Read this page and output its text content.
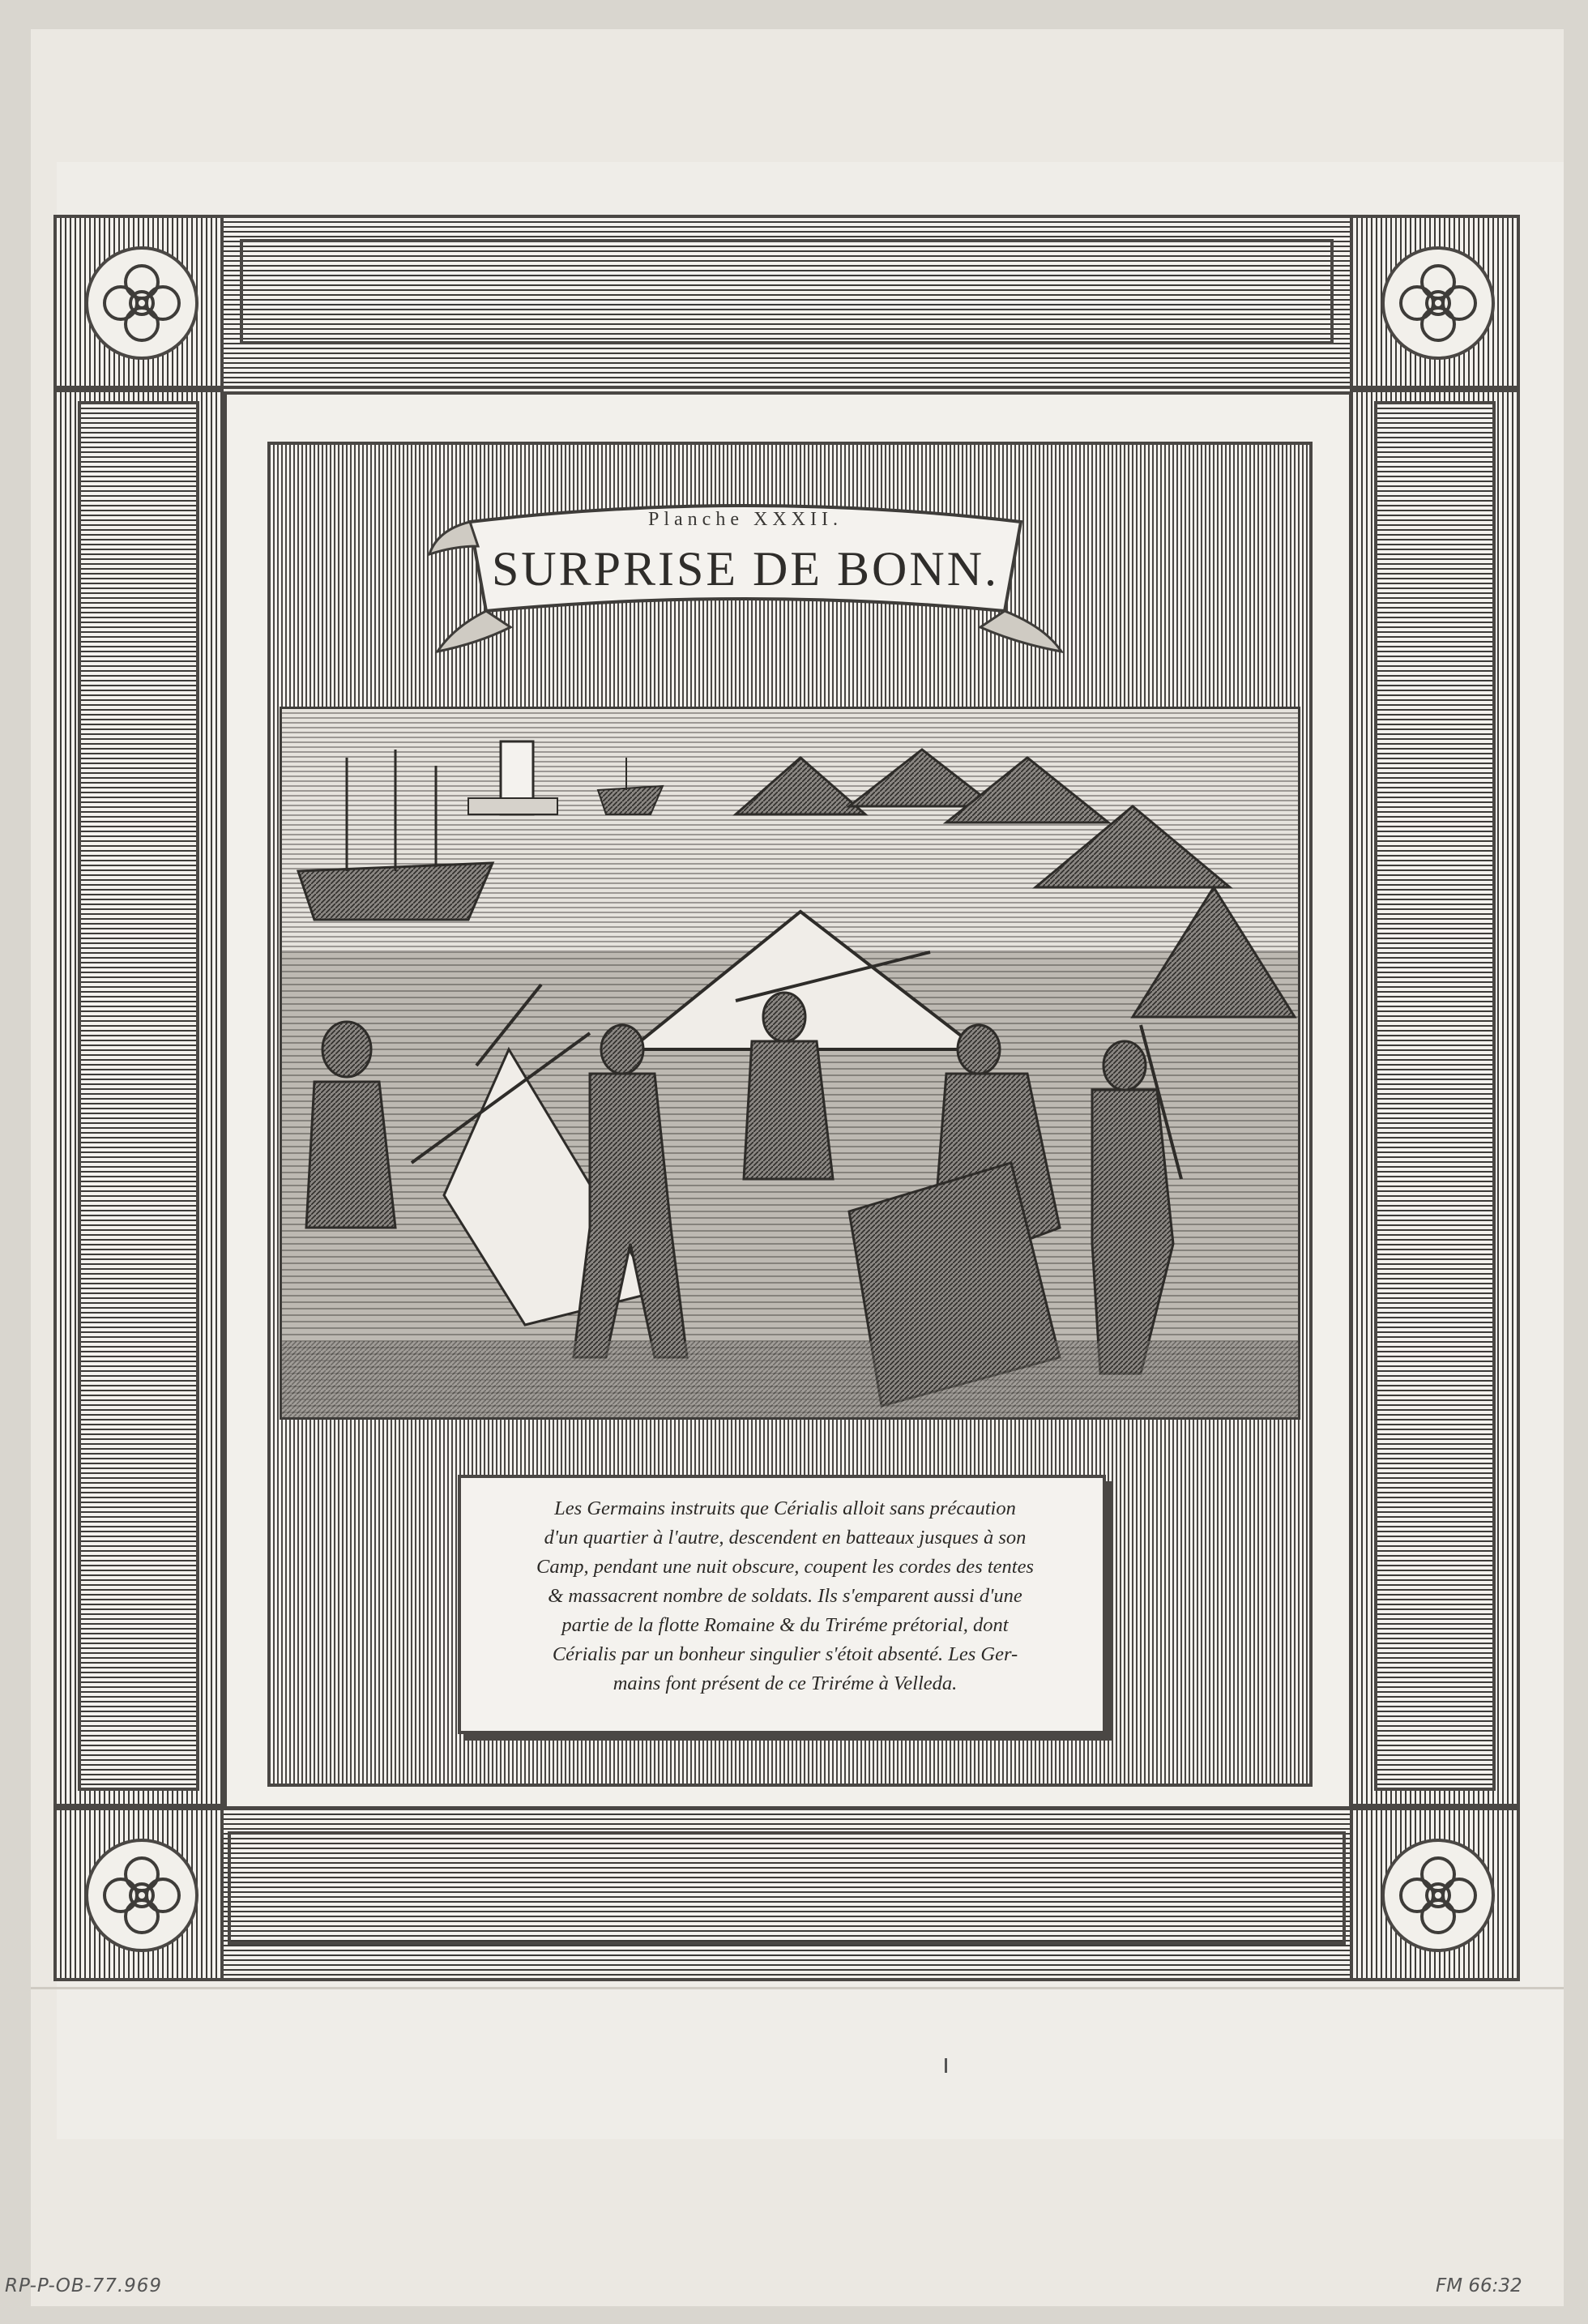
Planche XXXII.
SURPRISE DE BONN.
Les Germains instruits que Cérialis alloit sans précaution
d'un quartier à l'autre, descendent en batteaux jusques à son
Camp, pendant une nuit obscure, coupent les cordes des tentes
& massacrent nombre de soldats. Ils s'emparent aussi d'une
partie de la flotte Romaine & du Triréme prétorial, dont
Cérialis par un bonheur singulier s'étoit absenté. Les Ger-
mains font présent de ce Triréme à Velleda.
RP-P-OB-77.969	FM 66:32
